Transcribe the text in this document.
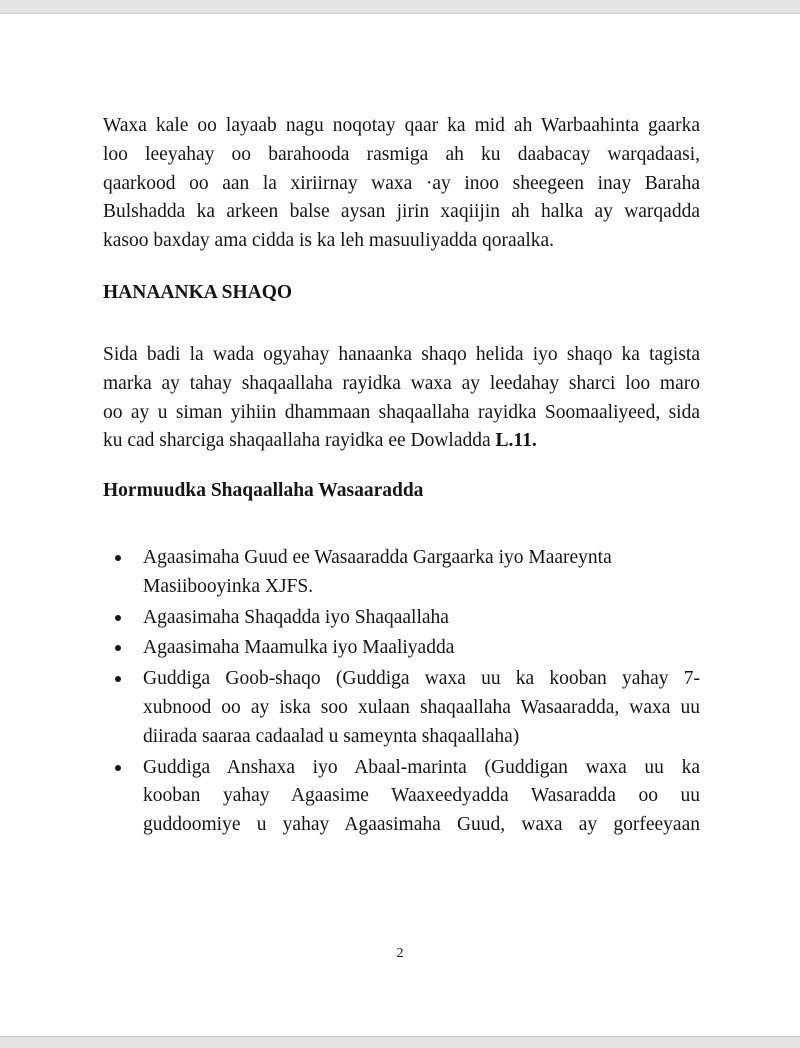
Waxa kale oo layaab nagu noqotay qaar ka mid ah Warbaahinta gaarka
loo leeyahay oo barahooda rasmiga ah ku daabacay warqadaasi,
qaarkood oo aan la xiriirnay waxa ·ay inoo sheegeen inay Baraha
Bulshadda ka arkeen balse aysan jirin xaqiijin ah halka ay warqadda
kasoo baxday ama cidda is ka leh masuuliyadda qoraalka.
HANAANKA SHAQO
Sida badi la wada ogyahay hanaanka shaqo helida iyo shaqo ka tagista
marka ay tahay shaqaallaha rayidka waxa ay leedahay sharci loo maro
oo ay u siman yihiin dhammaan shaqaallaha rayidka Soomaaliyeed, sida
ku cad sharciga shaqaallaha rayidka ee Dowladda L.11.
Hormuudka Shaqaallaha Wasaaradda
Agaasimaha Guud ee Wasaaradda Gargaarka iyo Maareynta
Masiibooyinka XJFS.
Agaasimaha Shaqadda iyo Shaqaallaha
Agaasimaha Maamulka iyo Maaliyadda
Guddiga Goob-shaqo (Guddiga waxa uu ka kooban yahay 7-
xubnood oo ay iska soo xulaan shaqaallaha Wasaaradda, waxa uu
diirada saaraa cadaalad u sameynta shaqaallaha)
Guddiga Anshaxa iyo Abaal-marinta (Guddigan waxa uu ka
kooban yahay Agaasime Waaxeedyadda Wasaradda oo uu
guddoomiye u yahay Agaasimaha Guud, waxa ay gorfeeyaan
2
